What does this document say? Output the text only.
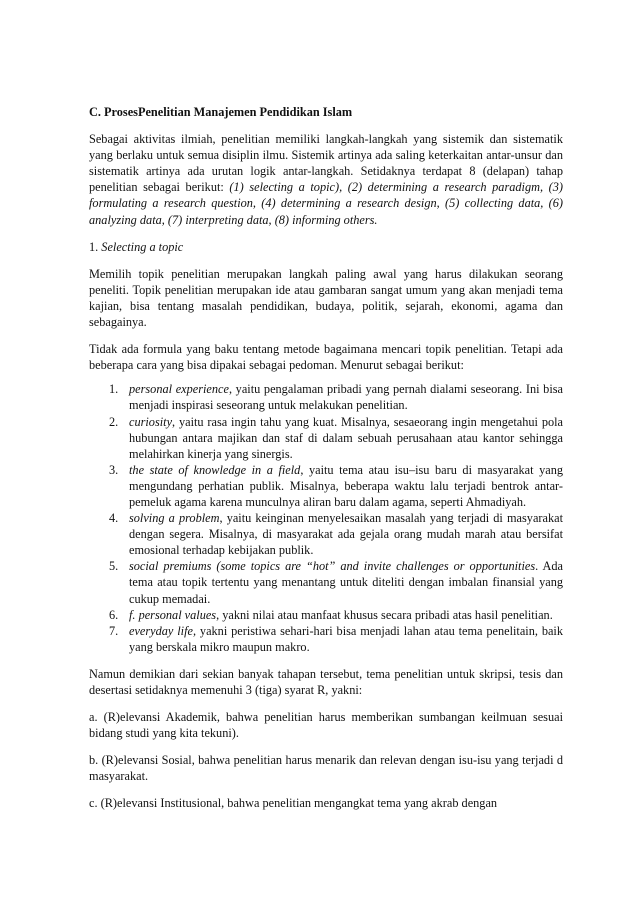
C. ProsesPenelitian Manajemen Pendidikan Islam

Sebagai aktivitas ilmiah, penelitian memiliki langkah-langkah yang sistemik dan sistematik yang berlaku untuk semua disiplin ilmu. Sistemik artinya ada saling keterkaitan antar-unsur dan sistematik artinya ada urutan logik antar-langkah. Setidaknya terdapat 8 (delapan) tahap penelitian sebagai berikut: (1) selecting a topic), (2) determining a research paradigm, (3) formulating a research question, (4) determining a research design, (5) collecting data, (6) analyzing data, (7) interpreting data, (8) informing others.

1. Selecting a topic

Memilih topik penelitian merupakan langkah paling awal yang harus dilakukan seorang peneliti. Topik penelitian merupakan ide atau gambaran sangat umum yang akan menjadi tema kajian, bisa tentang masalah pendidikan, budaya, politik, sejarah, ekonomi, agama dan sebagainya.

Tidak ada formula yang baku tentang metode bagaimana mencari topik penelitian. Tetapi ada beberapa cara yang bisa dipakai sebagai pedoman. Menurut sebagai berikut:

1. personal experience, yaitu pengalaman pribadi yang pernah dialami seseorang. Ini bisa menjadi inspirasi seseorang untuk melakukan penelitian.
2. curiosity, yaitu rasa ingin tahu yang kuat. Misalnya, sesaeorang ingin mengetahui pola hubungan antara majikan dan staf di dalam sebuah perusahaan atau kantor sehingga melahirkan kinerja yang sinergis.
3. the state of knowledge in a field, yaitu tema atau isu–isu baru di masyarakat yang mengundang perhatian publik. Misalnya, beberapa waktu lalu terjadi bentrok antar-pemeluk agama karena munculnya aliran baru dalam agama, seperti Ahmadiyah.
4. solving a problem, yaitu keinginan menyelesaikan masalah yang terjadi di masyarakat dengan segera. Misalnya, di masyarakat ada gejala orang mudah marah atau bersifat emosional terhadap kebijakan publik.
5. social premiums (some topics are “hot” and invite challenges or opportunities. Ada tema atau topik tertentu yang menantang untuk diteliti dengan imbalan finansial yang cukup memadai.
6. f. personal values, yakni nilai atau manfaat khusus secara pribadi atas hasil penelitian.
7. everyday life, yakni peristiwa sehari-hari bisa menjadi lahan atau tema penelitain, baik yang berskala mikro maupun makro.

Namun demikian dari sekian banyak tahapan tersebut, tema penelitian untuk skripsi, tesis dan desertasi setidaknya memenuhi 3 (tiga) syarat R, yakni:

a. (R)elevansi Akademik, bahwa penelitian harus memberikan sumbangan keilmuan sesuai bidang studi yang kita tekuni).

b. (R)elevansi Sosial, bahwa penelitian harus menarik dan relevan dengan isu-isu yang terjadi d masyarakat.

c. (R)elevansi Institusional, bahwa penelitian mengangkat tema yang akrab dengan
